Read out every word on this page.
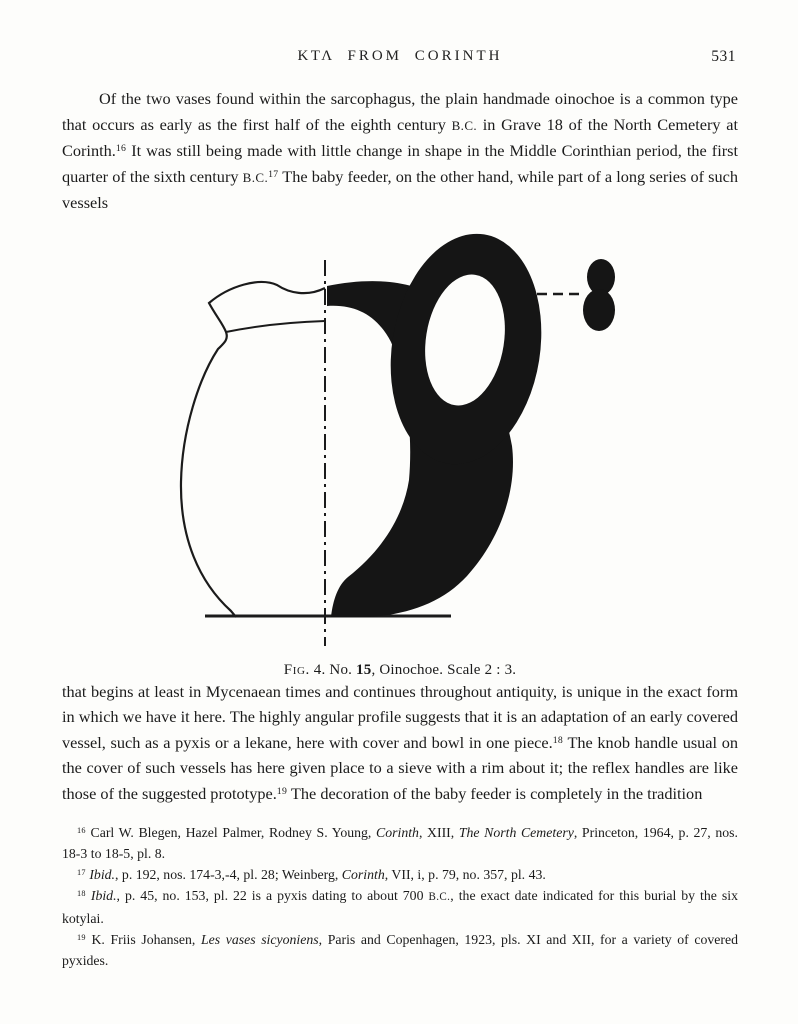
ΚΤΛ FROM CORINTH	531

Of the two vases found within the sarcophagus, the plain handmade oinochoe is a common type that occurs as early as the first half of the eighth century B.C. in Grave 18 of the North Cemetery at Corinth.$^{16}$ It was still being made with little change in shape in the Middle Corinthian period, the first quarter of the sixth century B.C.$^{17}$ The baby feeder, on the other hand, while part of a long series of such vessels

Fig. 4. No. 15, Oinochoe. Scale 2 : 3.

that begins at least in Mycenaean times and continues throughout antiquity, is unique in the exact form in which we have it here. The highly angular profile suggests that it is an adaptation of an early covered vessel, such as a pyxis or a lekane, here with cover and bowl in one piece.$^{18}$ The knob handle usual on the cover of such vessels has here given place to a sieve with a rim about it; the reflex handles are like those of the suggested prototype.$^{19}$ The decoration of the baby feeder is completely in the tradition

$^{16}$ Carl W. Blegen, Hazel Palmer, Rodney S. Young, Corinth, XIII, The North Cemetery, Princeton, 1964, p. 27, nos. 18-3 to 18-5, pl. 8.

$^{17}$ Ibid., p. 192, nos. 174-3,-4, pl. 28; Weinberg, Corinth, VII, i, p. 79, no. 357, pl. 43.

$^{18}$ Ibid., p. 45, no. 153, pl. 22 is a pyxis dating to about 700 B.C., the exact date indicated for this burial by the six kotylai.

$^{19}$ K. Friis Johansen, Les vases sicyoniens, Paris and Copenhagen, 1923, pls. XI and XII, for a variety of covered pyxides.
